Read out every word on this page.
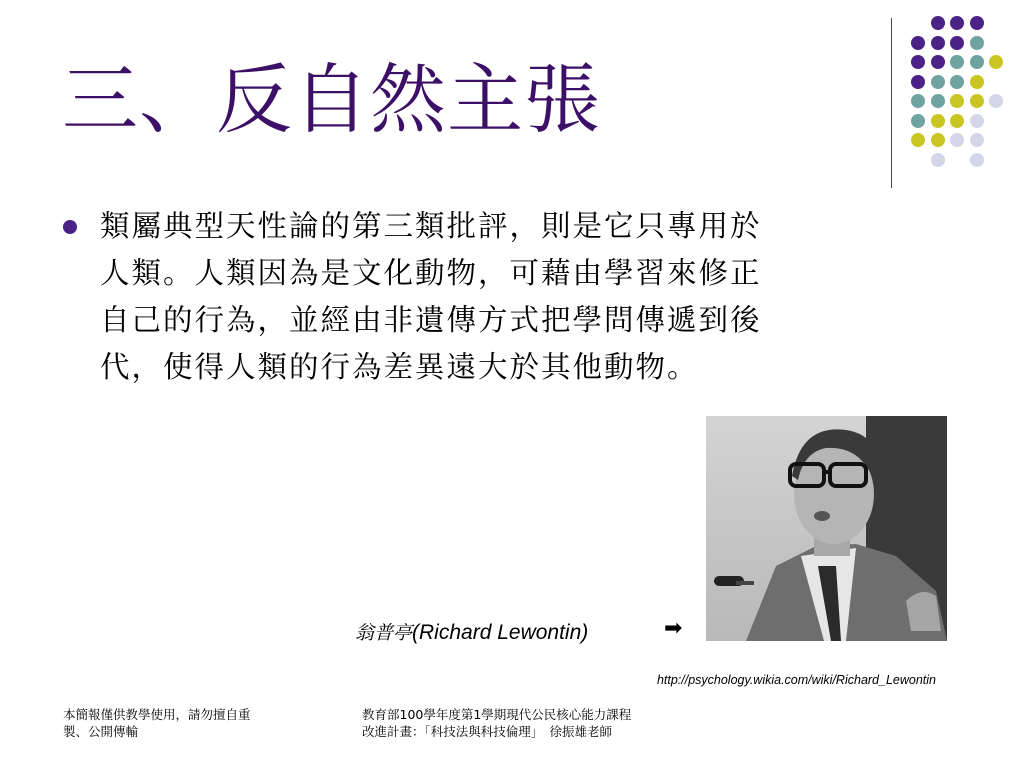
三、反自然主張
類屬典型天性論的第三類批評，則是它只專用於
人類。人類因為是文化動物，可藉由學習來修正
自己的行為，並經由非遺傳方式把學問傳遞到後
代，使得人類的行為差異遠大於其他動物。
翁普亭(Richard Lewontin)	➡
http://psychology.wikia.com/wiki/Richard_Lewontin
本簡報僅供教學使用，請勿擅自重
製、公開傳輸
教育部100學年度第1學期現代公民核心能力課程
改進計畫：「科技法與科技倫理」　徐振雄老師
